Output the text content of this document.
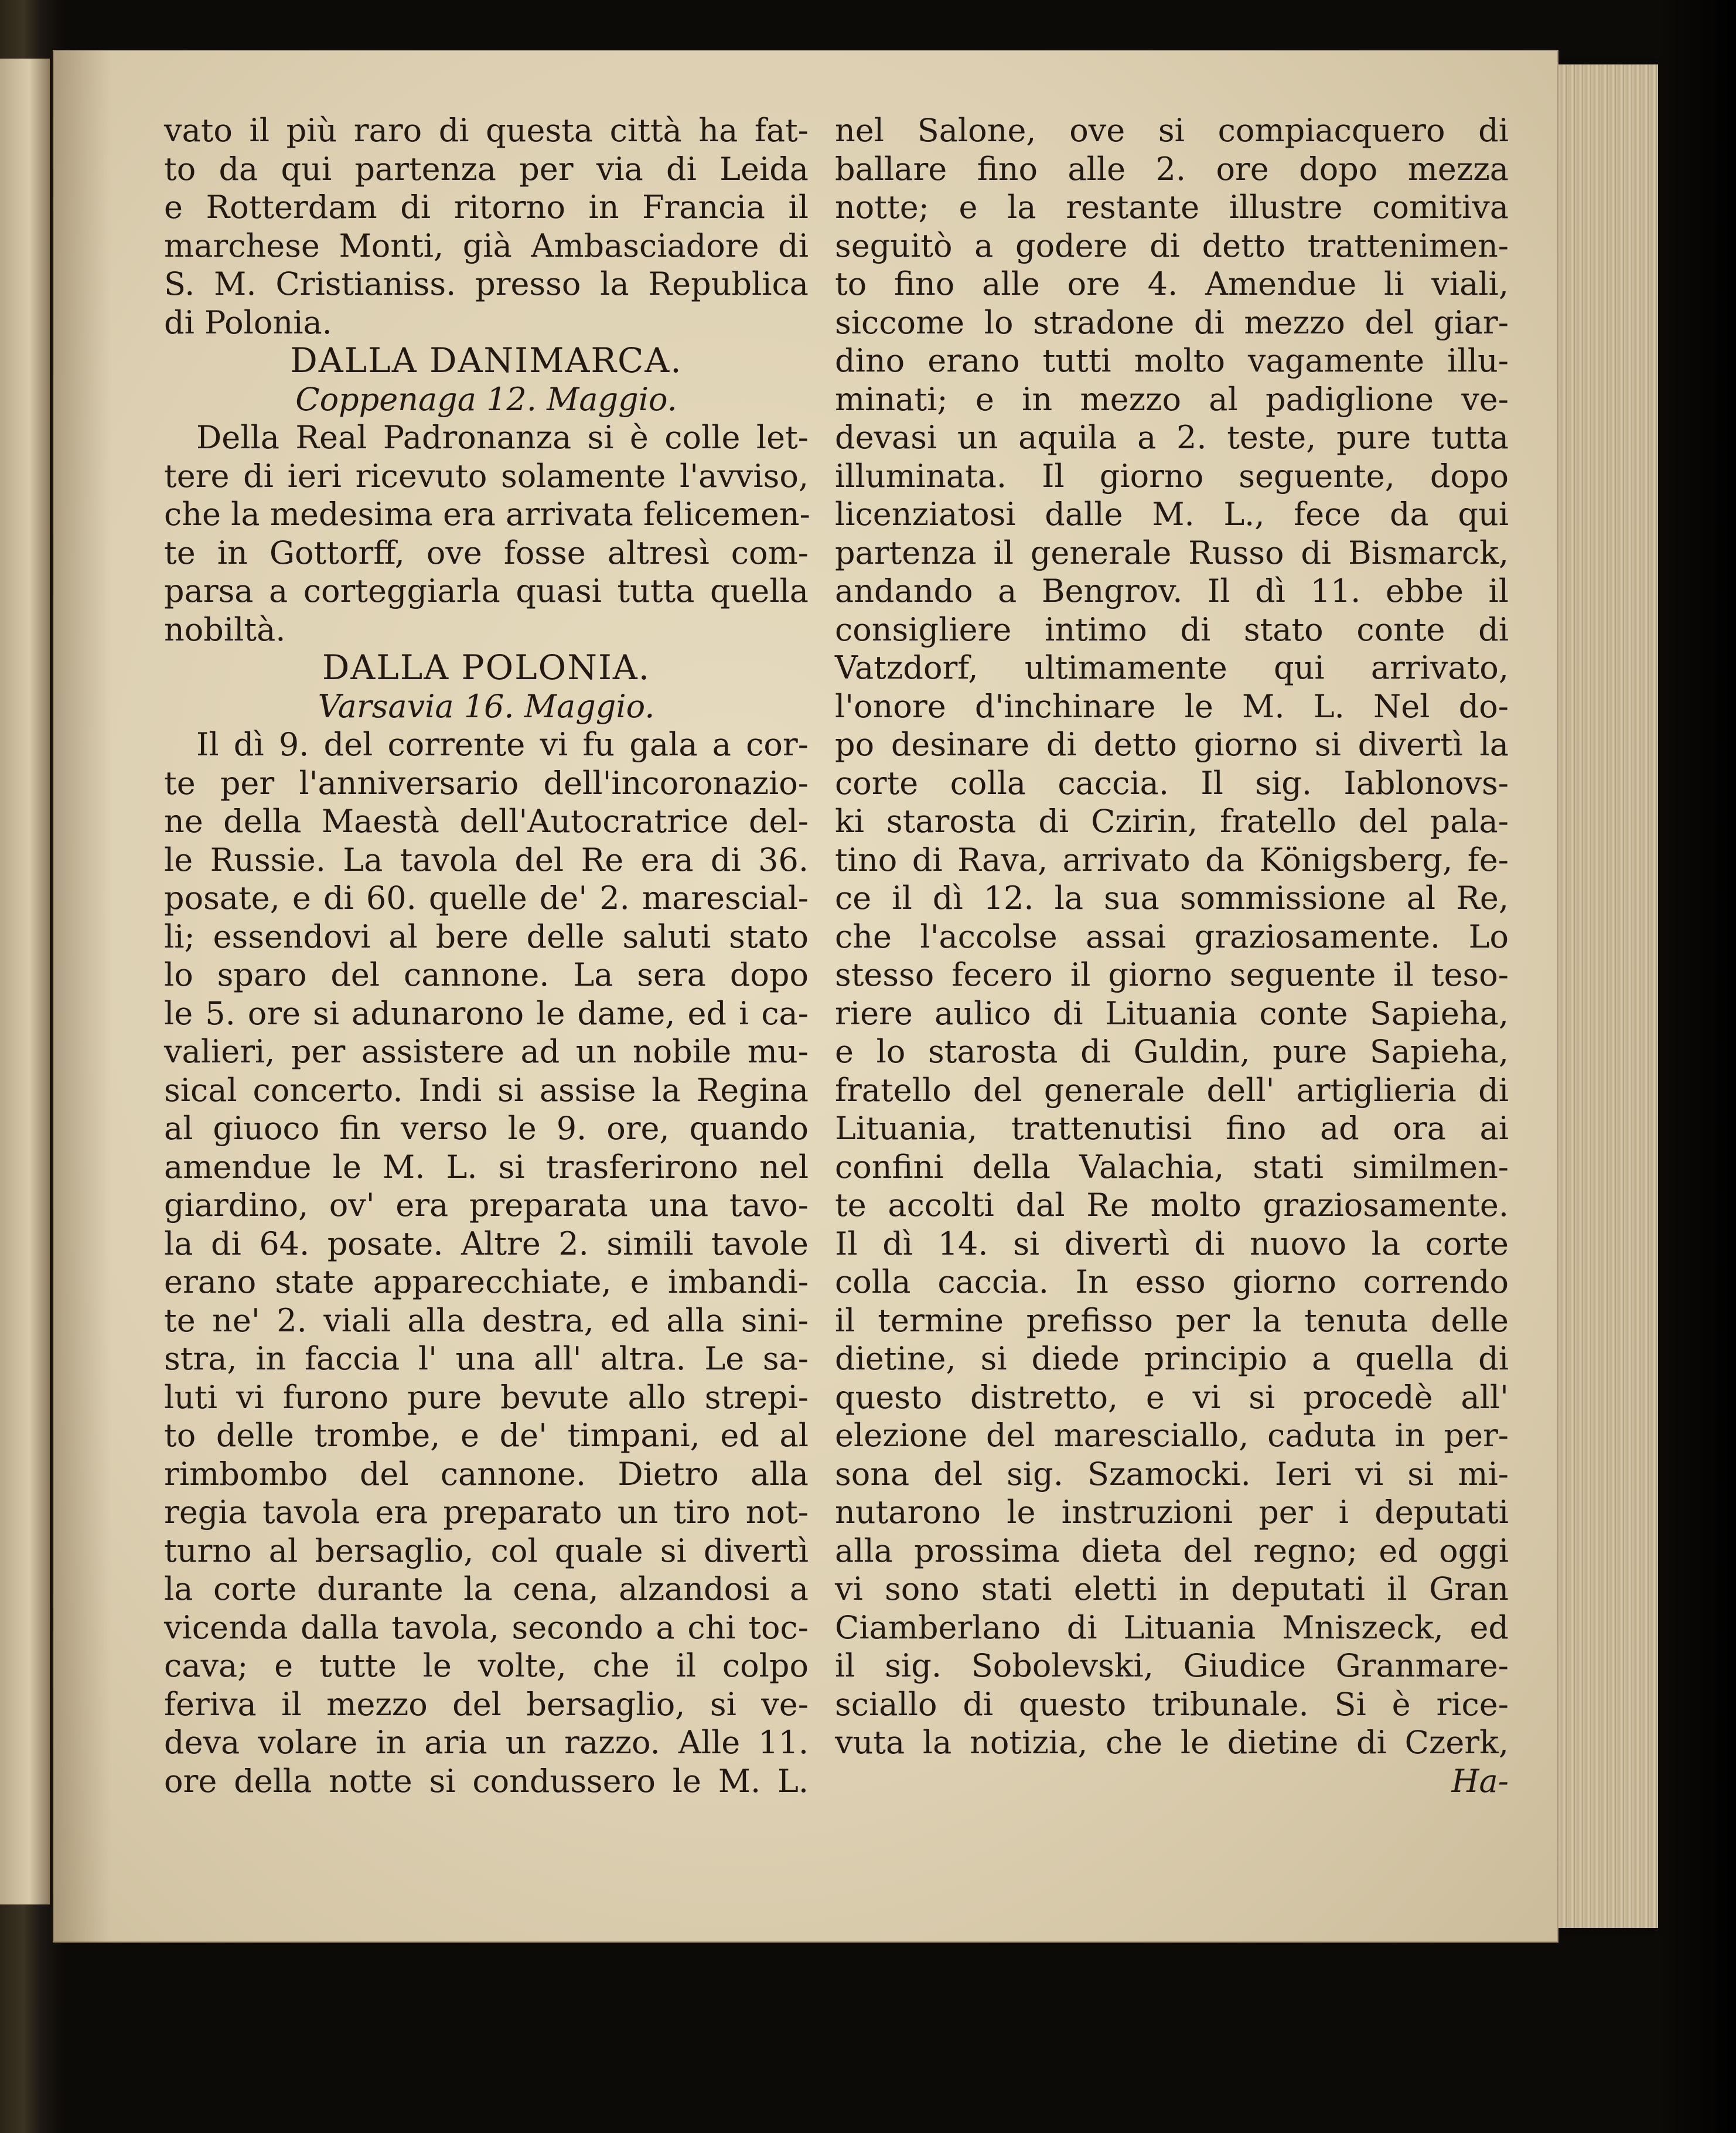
vato il più raro di questa città ha fat-
to da qui partenza per via di Leida
e Rotterdam di ritorno in Francia il
marchese Monti, già Ambasciadore di
S. M. Cristianiss. presso la Republica
di Polonia.
DALLA DANIMARCA.
Coppenaga 12. Maggio.
Della Real Padronanza si è colle let-
tere di ieri ricevuto solamente l'avviso,
che la medesima era arrivata felicemen-
te in Gottorff, ove fosse altresì com-
parsa a corteggiarla quasi tutta quella
nobiltà.
DALLA POLONIA.
Varsavia 16. Maggio.
Il dì 9. del corrente vi fu gala a cor-
te per l'anniversario dell'incoronazio-
ne della Maestà dell'Autocratrice del-
le Russie. La tavola del Re era di 36.
posate, e di 60. quelle de' 2. marescial-
li; essendovi al bere delle saluti stato
lo sparo del cannone. La sera dopo
le 5. ore si adunarono le dame, ed i ca-
valieri, per assistere ad un nobile mu-
sical concerto. Indi si assise la Regina
al giuoco fin verso le 9. ore, quando
amendue le M. L. si trasferirono nel
giardino, ov' era preparata una tavo-
la di 64. posate. Altre 2. simili tavole
erano state apparecchiate, e imbandi-
te ne' 2. viali alla destra, ed alla sini-
stra, in faccia l' una all' altra. Le sa-
luti vi furono pure bevute allo strepi-
to delle trombe, e de' timpani, ed al
rimbombo del cannone. Dietro alla
regia tavola era preparato un tiro not-
turno al bersaglio, col quale si divertì
la corte durante la cena, alzandosi a
vicenda dalla tavola, secondo a chi toc-
cava; e tutte le volte, che il colpo
feriva il mezzo del bersaglio, si ve-
deva volare in aria un razzo. Alle 11.
ore della notte si condussero le M. L.
nel Salone, ove si compiacquero di
ballare fino alle 2. ore dopo mezza
notte; e la restante illustre comitiva
seguitò a godere di detto trattenimen-
to fino alle ore 4. Amendue li viali,
siccome lo stradone di mezzo del giar-
dino erano tutti molto vagamente illu-
minati; e in mezzo al padiglione ve-
devasi un aquila a 2. teste, pure tutta
illuminata. Il giorno seguente, dopo
licenziatosi dalle M. L., fece da qui
partenza il generale Russo di Bismarck,
andando a Bengrov. Il dì 11. ebbe il
consigliere intimo di stato conte di
Vatzdorf, ultimamente qui arrivato,
l'onore d'inchinare le M. L. Nel do-
po desinare di detto giorno si divertì la
corte colla caccia. Il sig. Iablonovs-
ki starosta di Czirin, fratello del pala-
tino di Rava, arrivato da Königsberg, fe-
ce il dì 12. la sua sommissione al Re,
che l'accolse assai graziosamente. Lo
stesso fecero il giorno seguente il teso-
riere aulico di Lituania conte Sapieha,
e lo starosta di Guldin, pure Sapieha,
fratello del generale dell' artiglieria di
Lituania, trattenutisi fino ad ora ai
confini della Valachia, stati similmen-
te accolti dal Re molto graziosamente.
Il dì 14. si divertì di nuovo la corte
colla caccia. In esso giorno correndo
il termine prefisso per la tenuta delle
dietine, si diede principio a quella di
questo distretto, e vi si procedè all'
elezione del maresciallo, caduta in per-
sona del sig. Szamocki. Ieri vi si mi-
nutarono le instruzioni per i deputati
alla prossima dieta del regno; ed oggi
vi sono stati eletti in deputati il Gran
Ciamberlano di Lituania Mniszeck, ed
il sig. Sobolevski, Giudice Granmare-
sciallo di questo tribunale. Si è rice-
vuta la notizia, che le dietine di Czerk,
Ha-
